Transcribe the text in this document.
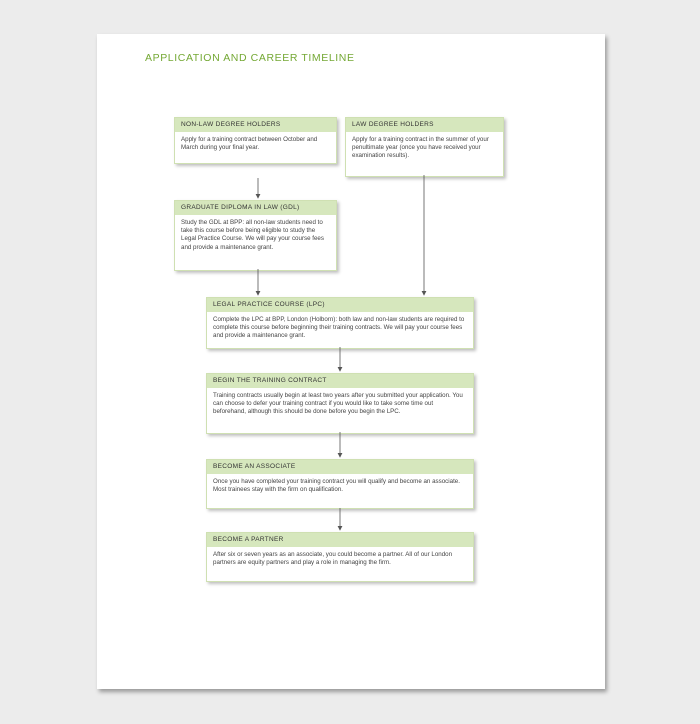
APPLICATION AND CAREER TIMELINE
NON-LAW DEGREE HOLDERS
Apply for a training contract between October and March during your final year.
LAW DEGREE HOLDERS
Apply for a training contract in the summer of your penultimate year (once you have received your examination results).
GRADUATE DIPLOMA IN LAW (GDL)
Study the GDL at BPP: all non-law students need to take this course before being eligible to study the Legal Practice Course. We will pay your course fees and provide a maintenance grant.
LEGAL PRACTICE COURSE (LPC)
Complete the LPC at BPP, London (Holborn): both law and non-law students are required to complete this course before beginning their training contracts. We will pay your course fees and provide a maintenance grant.
BEGIN THE TRAINING CONTRACT
Training contracts usually begin at least two years after you submitted your application. You can choose to defer your training contract if you would like to take some time out beforehand, although this should be done before you begin the LPC.
BECOME AN ASSOCIATE
Once you have completed your training contract you will qualify and become an associate. Most trainees stay with the firm on qualification.
BECOME A PARTNER
After six or seven years as an associate, you could become a partner. All of our London partners are equity partners and play a role in managing the firm.
